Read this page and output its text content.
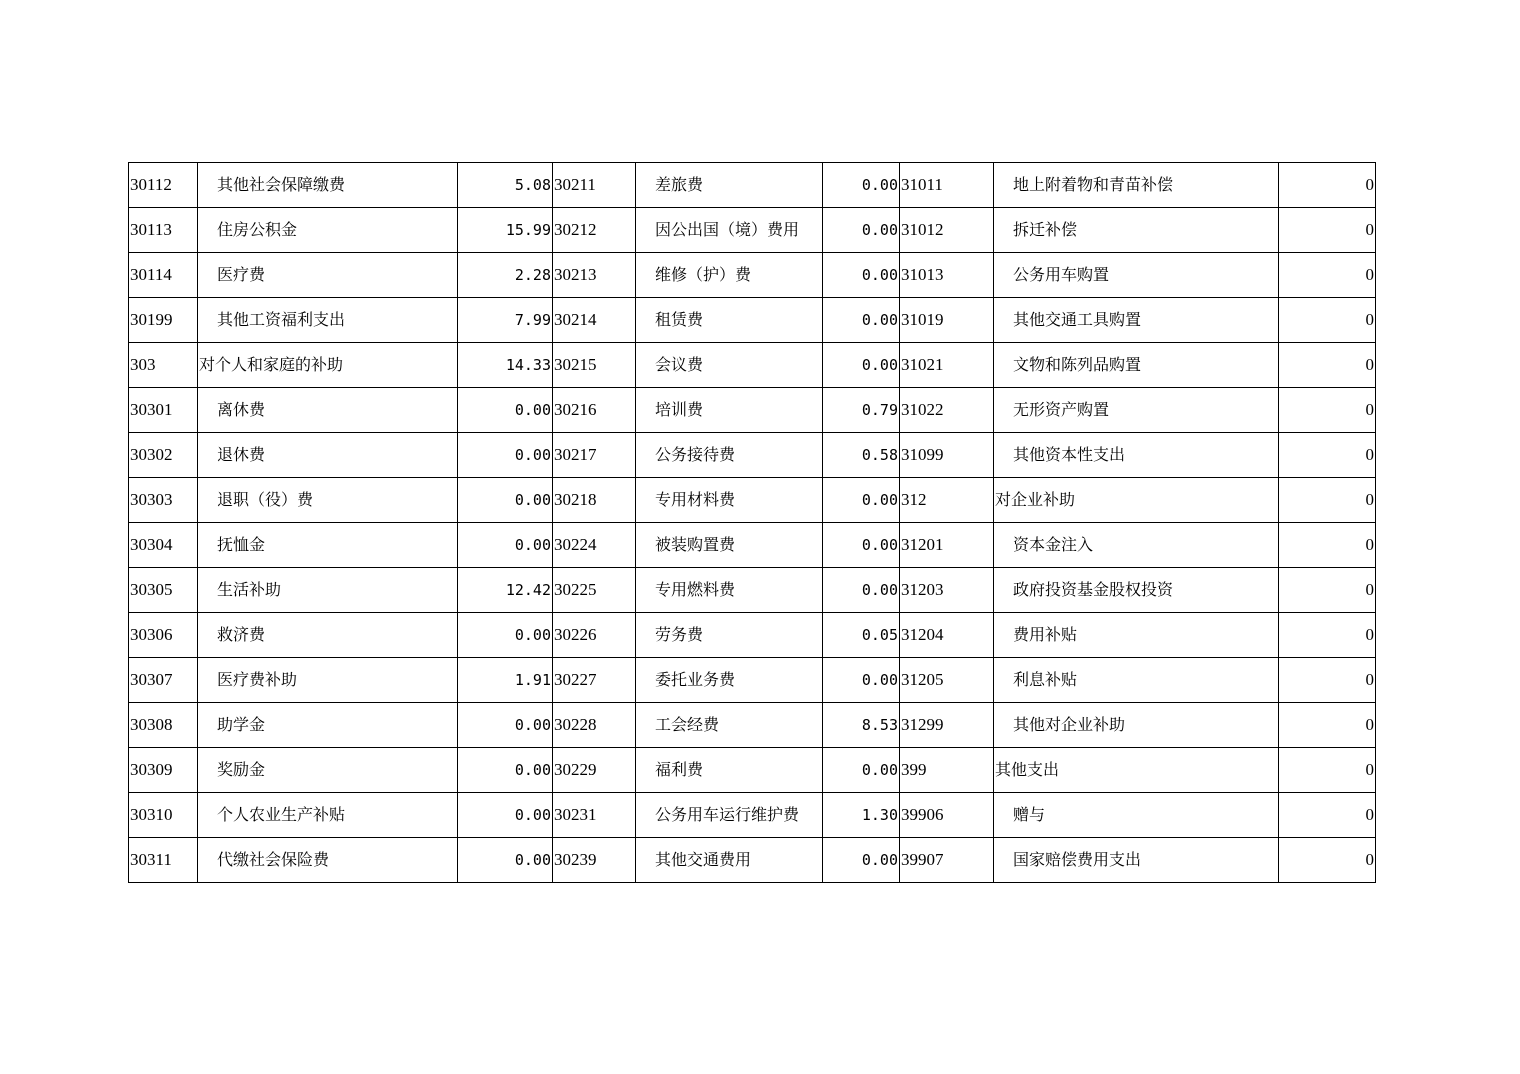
30112	其他社会保障缴费	5.08	30211	差旅费	0.00	31011	地上附着物和青苗补偿	0
30113	住房公积金	15.99	30212	因公出国（境）费用	0.00	31012	拆迁补偿	0
30114	医疗费	2.28	30213	维修（护）费	0.00	31013	公务用车购置	0
30199	其他工资福利支出	7.99	30214	租赁费	0.00	31019	其他交通工具购置	0
303	对个人和家庭的补助	14.33	30215	会议费	0.00	31021	文物和陈列品购置	0
30301	离休费	0.00	30216	培训费	0.79	31022	无形资产购置	0
30302	退休费	0.00	30217	公务接待费	0.58	31099	其他资本性支出	0
30303	退职（役）费	0.00	30218	专用材料费	0.00	312	对企业补助	0
30304	抚恤金	0.00	30224	被装购置费	0.00	31201	资本金注入	0
30305	生活补助	12.42	30225	专用燃料费	0.00	31203	政府投资基金股权投资	0
30306	救济费	0.00	30226	劳务费	0.05	31204	费用补贴	0
30307	医疗费补助	1.91	30227	委托业务费	0.00	31205	利息补贴	0
30308	助学金	0.00	30228	工会经费	8.53	31299	其他对企业补助	0
30309	奖励金	0.00	30229	福利费	0.00	399	其他支出	0
30310	个人农业生产补贴	0.00	30231	公务用车运行维护费	1.30	39906	赠与	0
30311	代缴社会保险费	0.00	30239	其他交通费用	0.00	39907	国家赔偿费用支出	0
